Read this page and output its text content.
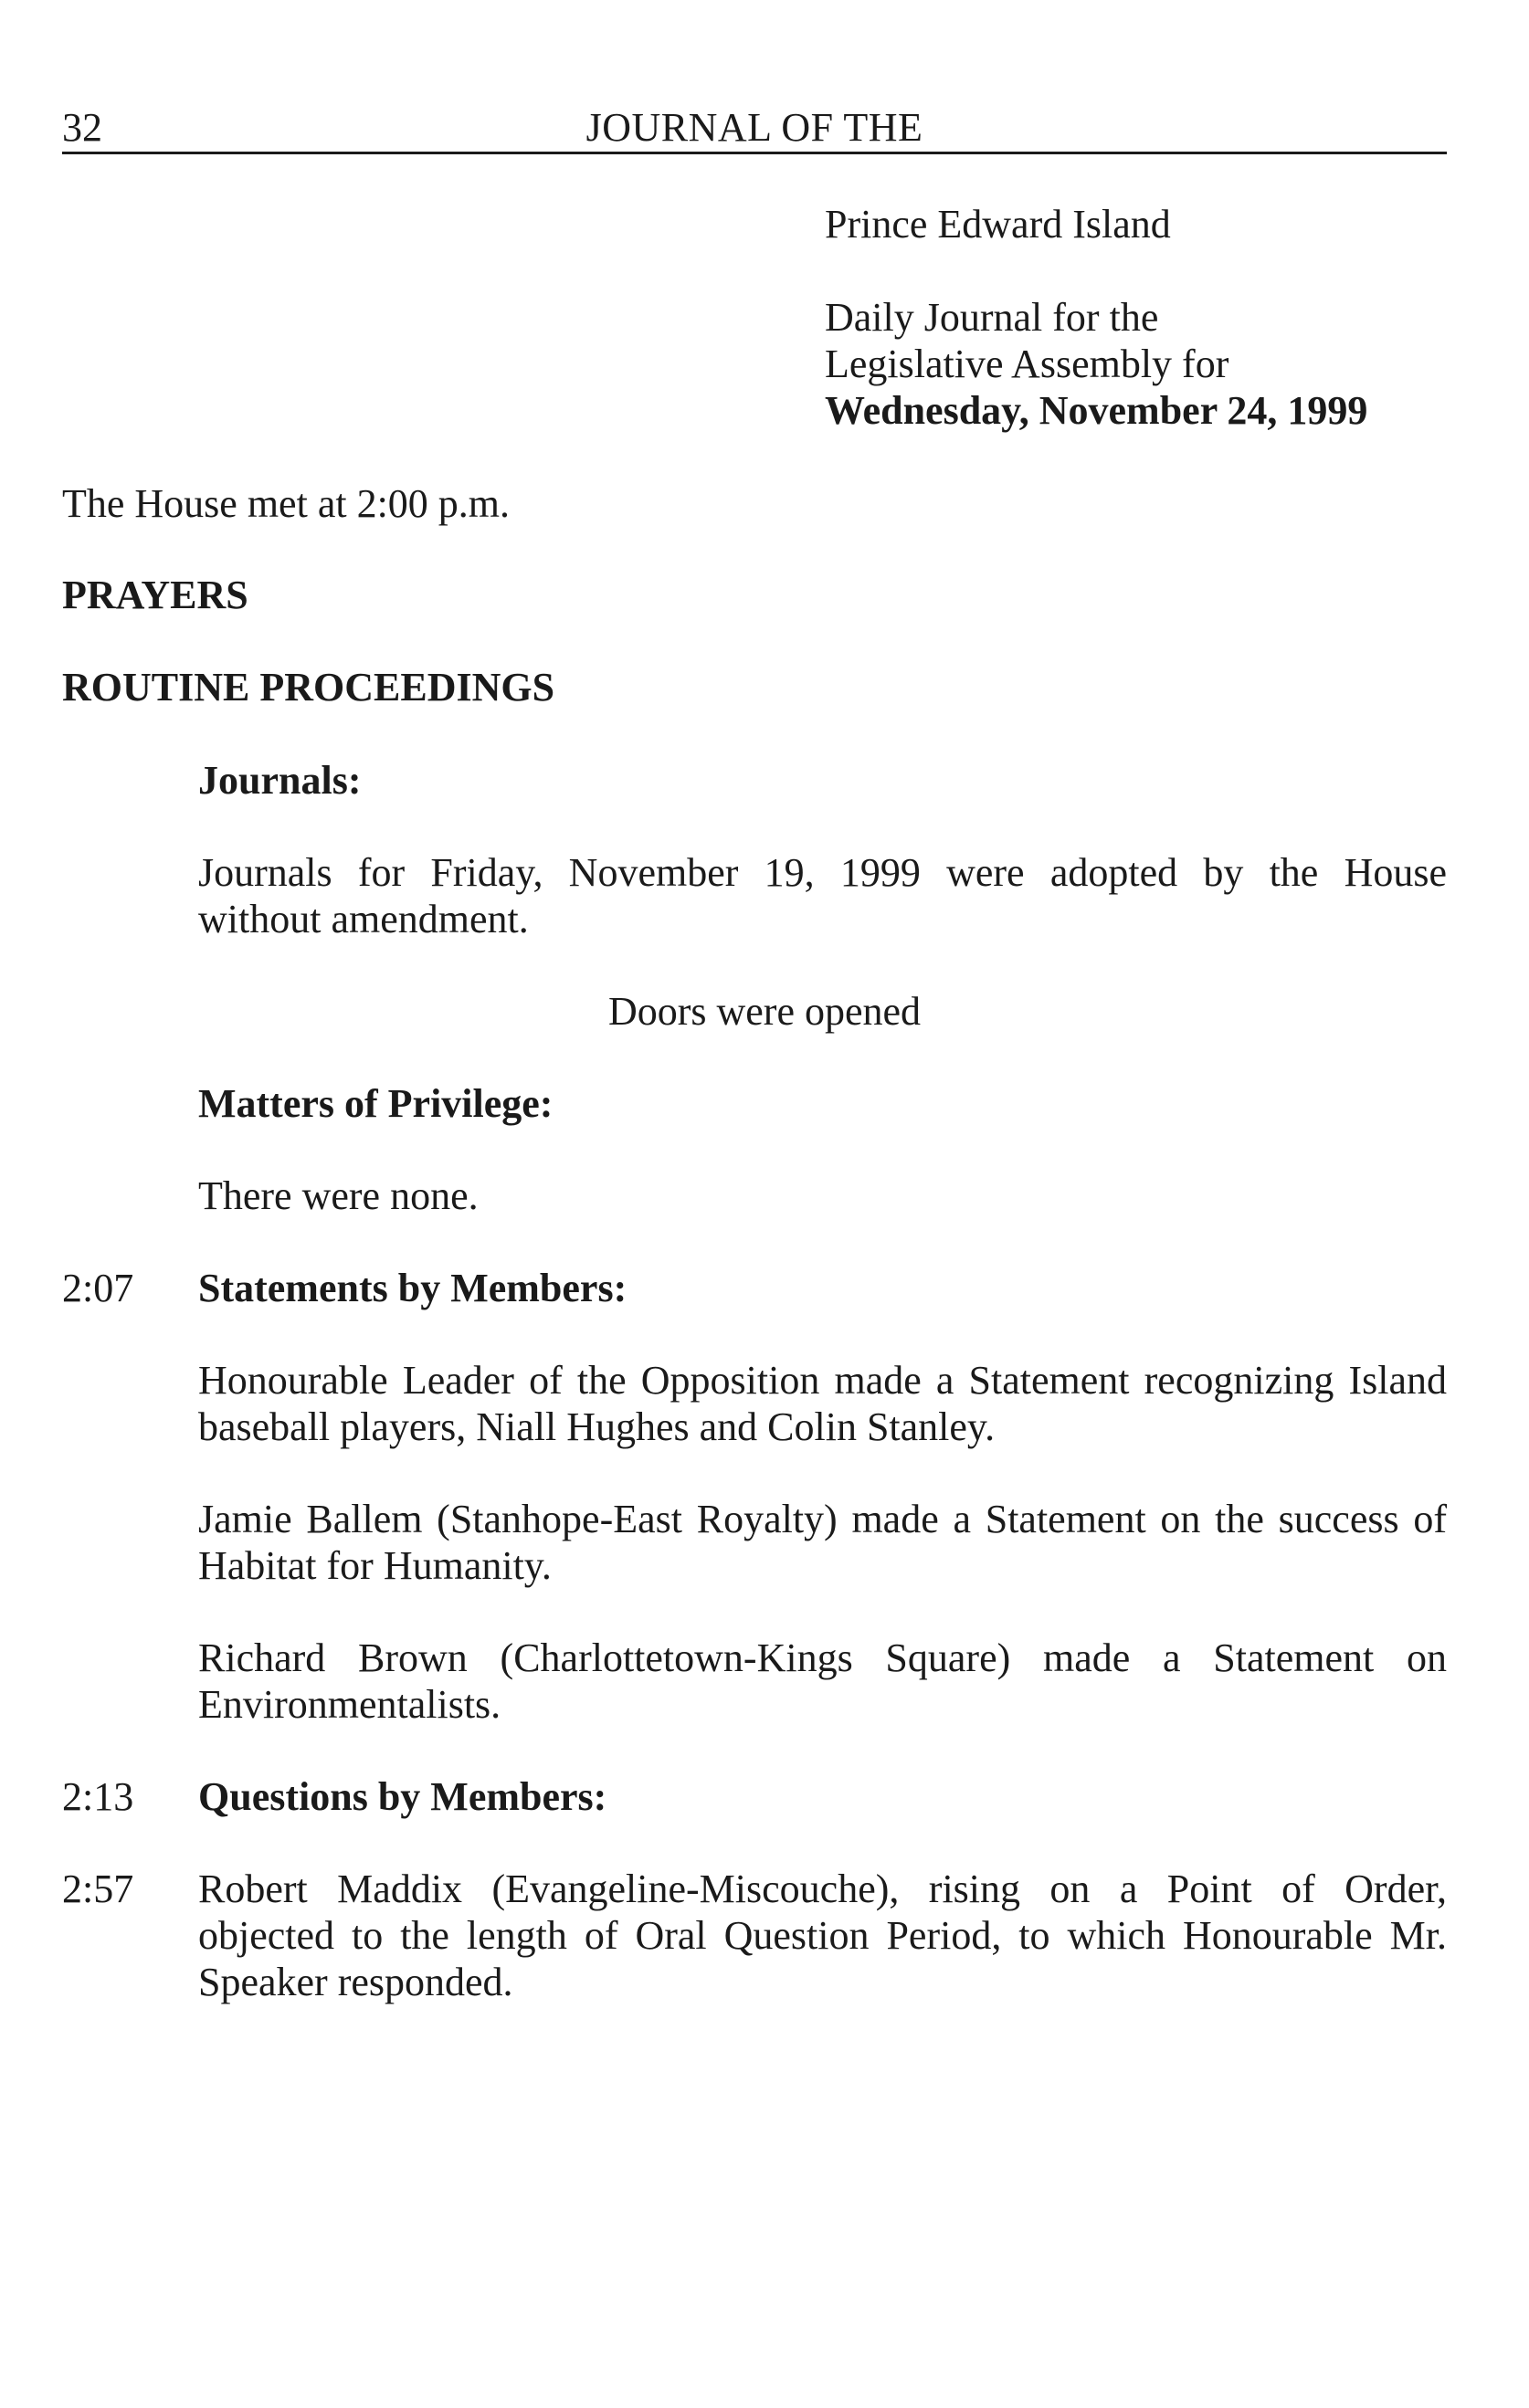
32	JOURNAL OF THE

Prince Edward Island

Daily Journal for the

Legislative Assembly for

Wednesday, November 24, 1999

The House met at 2:00 p.m.

PRAYERS

ROUTINE PROCEEDINGS

Journals:

Journals for Friday, November 19, 1999 were adopted by the House
without amendment.

Doors were opened

Matters of Privilege:

There were none.

2:07 Statements by Members:

Honourable Leader of the Opposition made a Statement recognizing Island
baseball players, Niall Hughes and Colin Stanley.
Jamie Ballem (Stanhope-East Royalty) made a Statement on the success of
Habitat for Humanity.
Richard Brown (Charlottetown-Kings Square) made a Statement on
Environmentalists.

2:13 Questions by Members:

2:57 Robert Maddix (Evangeline-Miscouche), rising on a Point of Order,
objected to the length of Oral Question Period, to which Honourable Mr.
Speaker responded.
